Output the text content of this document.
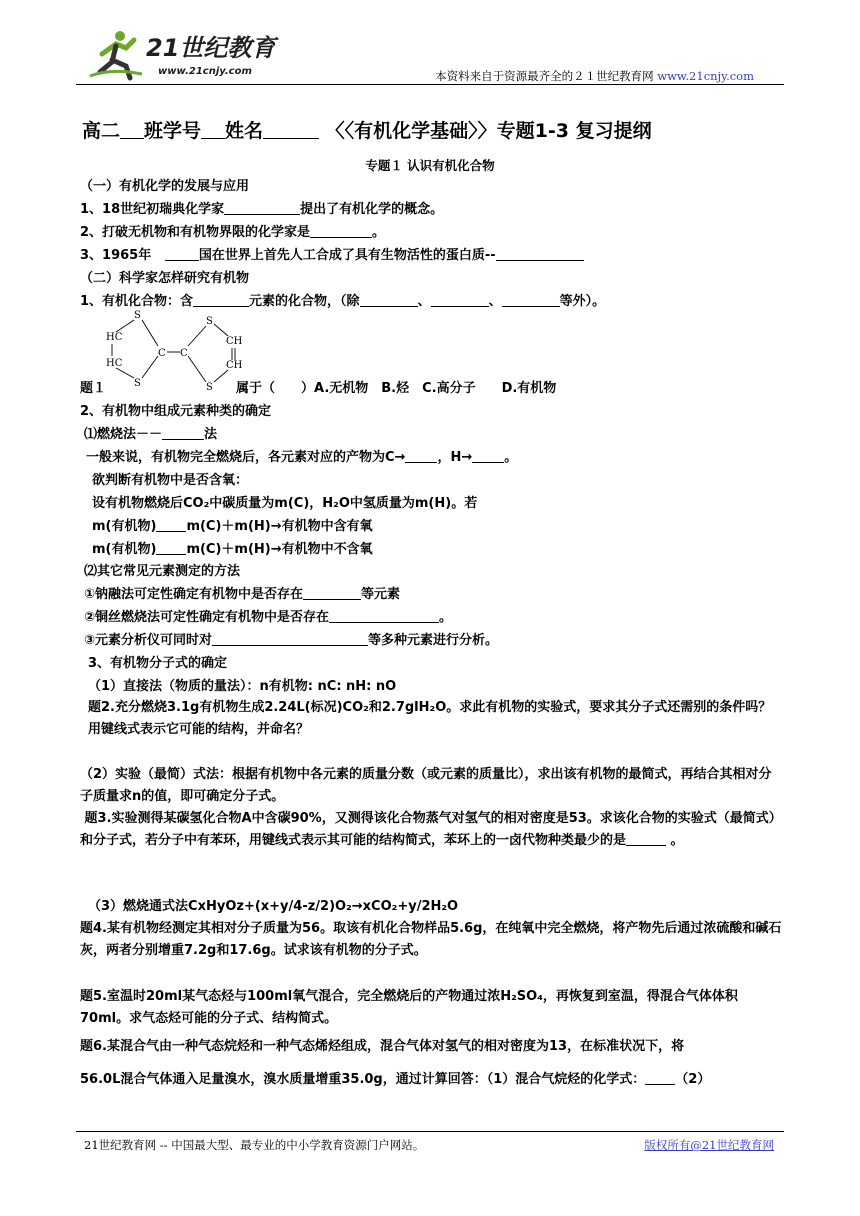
21世纪教育
www.21cnjy.com	本资料来自于资源最齐全的２１世纪教育网 www.21cnjy.com
高二 班学号 姓名	〈〈有机化学基础〉〉专题1-3 复习提纲
专题１ 认识有机化合物
（一）有机化学的发展与应用
1、18世纪初瑞典化学家	提出了有机化学的概念。
2、打破无机物和有机物界限的化学家是	。
3、1965年	国在世界上首先人工合成了具有生物活性的蛋白质--
（二）科学家怎样研究有机物
1、有机化合物：含	元素的化合物，（除	、	、	等外）。
HC
HC
S
S
C C
S
S
CH
CH
题１	属于（　　）A.无机物　B.烃　C.高分子　　D.有机物
2、有机物中组成元素种类的确定
⑴燃烧法－－	法
一般来说，有机物完全燃烧后，各元素对应的产物为C→ ，H→ 。
欲判断有机物中是否含氧：
设有机物燃烧后CO₂中碳质量为m(C)，H₂O中氢质量为m(H)。若
m(有机物) m(C)＋m(H)→有机物中含有氧
m(有机物) m(C)＋m(H)→有机物中不含氧
⑵其它常见元素测定的方法
①钠融法可定性确定有机物中是否存在	等元素
②铜丝燃烧法可定性确定有机物中是否存在	。
③元素分析仪可同时对	等多种元素进行分析。
3、有机物分子式的确定
（1）直接法（物质的量法）：n有机物: nC: nH: nO
题2.充分燃烧3.1g有机物生成2.24L(标况)CO₂和2.7glH₂O。求此有机物的实验式，要求其分子式还需别的条件吗？用键线式表示它可能的结构，并命名？
（2）实验（最简）式法：根据有机物中各元素的质量分数（或元素的质量比），求出该有机物的最简式，再结合其相对分子质量求n的值，即可确定分子式。
题3.实验测得某碳氢化合物A中含碳90%，又测得该化合物蒸气对氢气的相对密度是53。求该化合物的实验式（最简式）和分子式，若分子中有苯环，用键线式表示其可能的结构简式，苯环上的一卤代物种类最少的是	。
（3）燃烧通式法CxHyOz+(x+y/4-z/2)O₂→xCO₂+y/2H₂O
题4.某有机物经测定其相对分子质量为56。取该有机化合物样品5.6g，在纯氧中完全燃烧，将产物先后通过浓硫酸和碱石灰，两者分别增重7.2g和17.6g。试求该有机物的分子式。
题5.室温时20ml某气态烃与100ml氧气混合，完全燃烧后的产物通过浓H₂SO₄，再恢复到室温，得混合气体体积70ml。求气态烃可能的分子式、结构简式。
题6.某混合气由一种气态烷烃和一种气态烯烃组成，混合气体对氢气的相对密度为13，在标准状况下，将
56.0L混合气体通入足量溴水，溴水质量增重35.0g，通过计算回答：（1）混合气烷烃的化学式： （2）
21世纪教育网 -- 中国最大型、最专业的中小学教育资源门户网站。	版权所有@21世纪教育网
